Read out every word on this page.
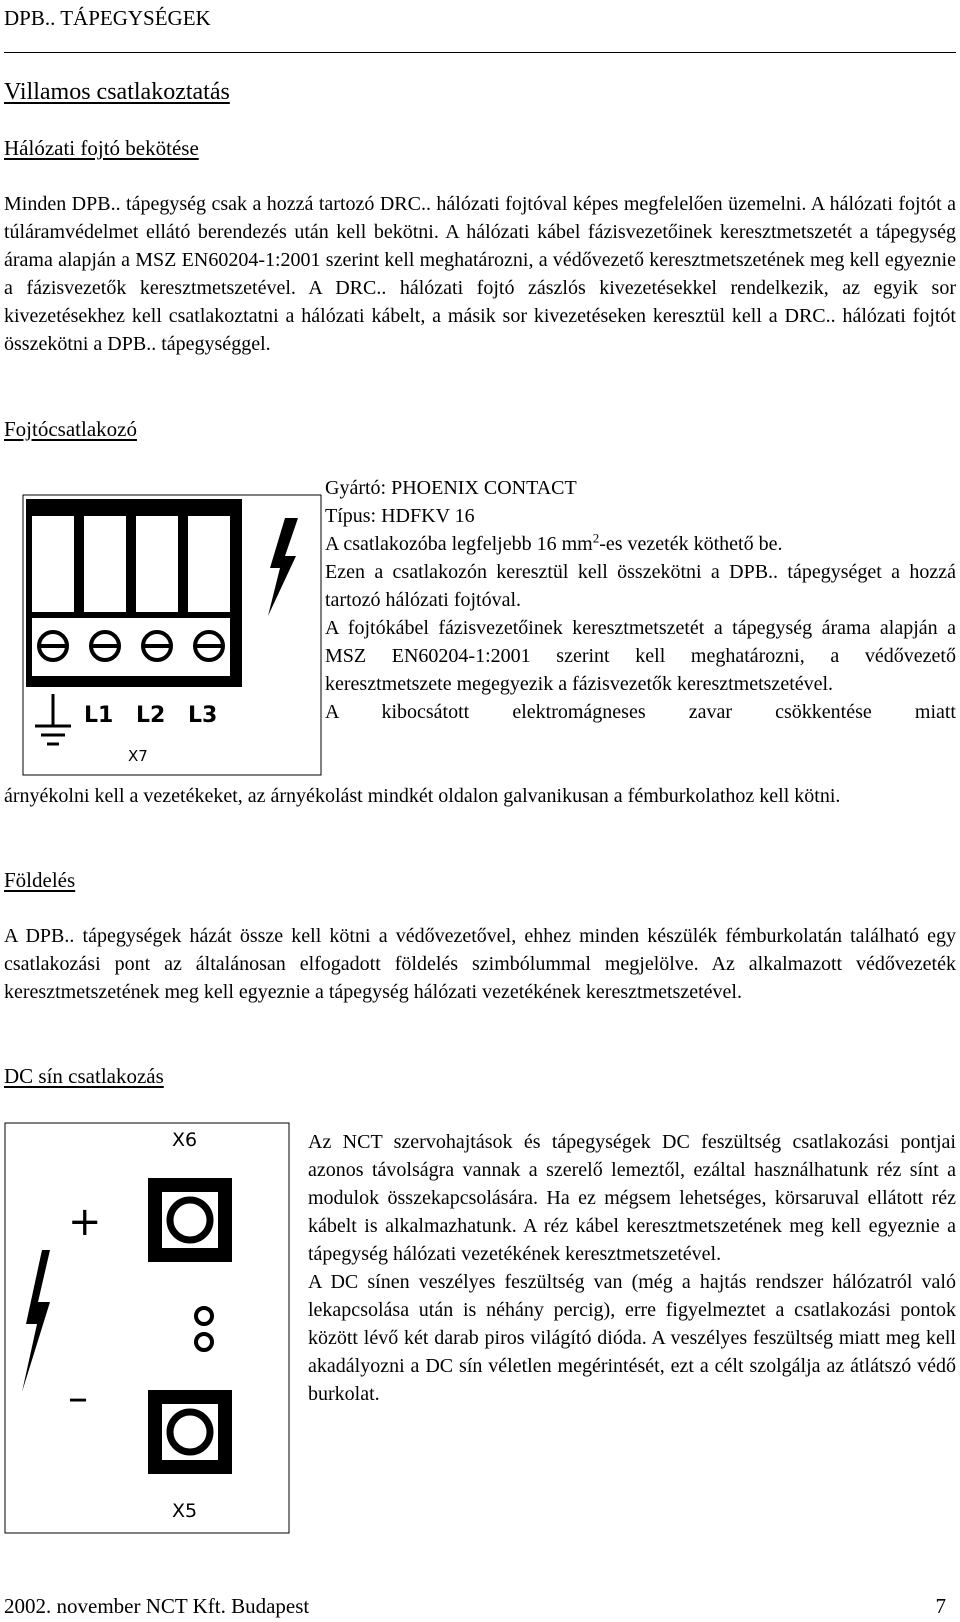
DPB.. TÁPEGYSÉGEK
Villamos csatlakoztatás
Hálózati fojtó bekötése

Minden DPB.. tápegység csak a hozzá tartozó DRC.. hálózati fojtóval képes megfelelően üzemelni. A hálózati fojtót a túláramvédelmet ellátó berendezés után kell bekötni. A hálózati kábel fázisvezetőinek keresztmetszetét a tápegység árama alapján a MSZ EN60204-1:2001 szerint kell meghatározni, a védővezető keresztmetszetének meg kell egyeznie a fázisvezetők keresztmetszetével. A DRC.. hálózati fojtó zászlós kivezetésekkel rendelkezik, az egyik sor kivezetésekhez kell csatlakoztatni a hálózati kábelt, a másik sor kivezetéseken keresztül kell a DRC.. hálózati fojtót összekötni a DPB.. tápegységgel.

Fojtócsatlakozó
L1 L2 L3
X7

Gyártó: PHOENIX CONTACT

Típus: HDFKV 16

A csatlakozóba legfeljebb 16 $mm^2-es$ vezeték köthető be.

Ezen a csatlakozón keresztül kell összekötni a DPB.. tápegységet a hozzá tartozó hálózati fojtóval.

A fojtókábel fázisvezetőinek keresztmetszetét a tápegység árama alapján a MSZ EN60204-1:2001 szerint kell meghatározni, a védővezető keresztmetszete megegyezik a fázisvezetők keresztmetszetével.

A kibocsátott elektromágneses zavar csökkentése miatt

árnyékolni kell a vezetékeket, az árnyékolást mindkét oldalon galvanikusan a fémburkolathoz kell kötni.

Földelés

A DPB.. tápegységek házát össze kell kötni a védővezetővel, ehhez minden készülék fémburkolatán található egy csatlakozási pont az általánosan elfogadott földelés szimbólummal megjelölve. Az alkalmazott védővezeték keresztmetszetének meg kell egyeznie a tápegység hálózati vezetékének keresztmetszetével.

DC sín csatlakozás
X6
X5
+
–

Az NCT szervohajtások és tápegységek DC feszültség csatlakozási pontjai azonos távolságra vannak a szerelő lemeztől, ezáltal használhatunk réz sínt a modulok összekapcsolására. Ha ez mégsem lehetséges, körsaruval ellátott réz kábelt is alkalmazhatunk. A réz kábel keresztmetszetének meg kell egyeznie a tápegység hálózati vezetékének keresztmetszetével.

A DC sínen veszélyes feszültség van (még a hajtás rendszer hálózatról való lekapcsolása után is néhány percig), erre figyelmeztet a csatlakozási pontok között lévő két darab piros világító dióda. A veszélyes feszültség miatt meg kell akadályozni a DC sín véletlen megérintését, ezt a célt szolgálja az átlátszó védő burkolat.

2002. november NCT Kft. Budapest	7
